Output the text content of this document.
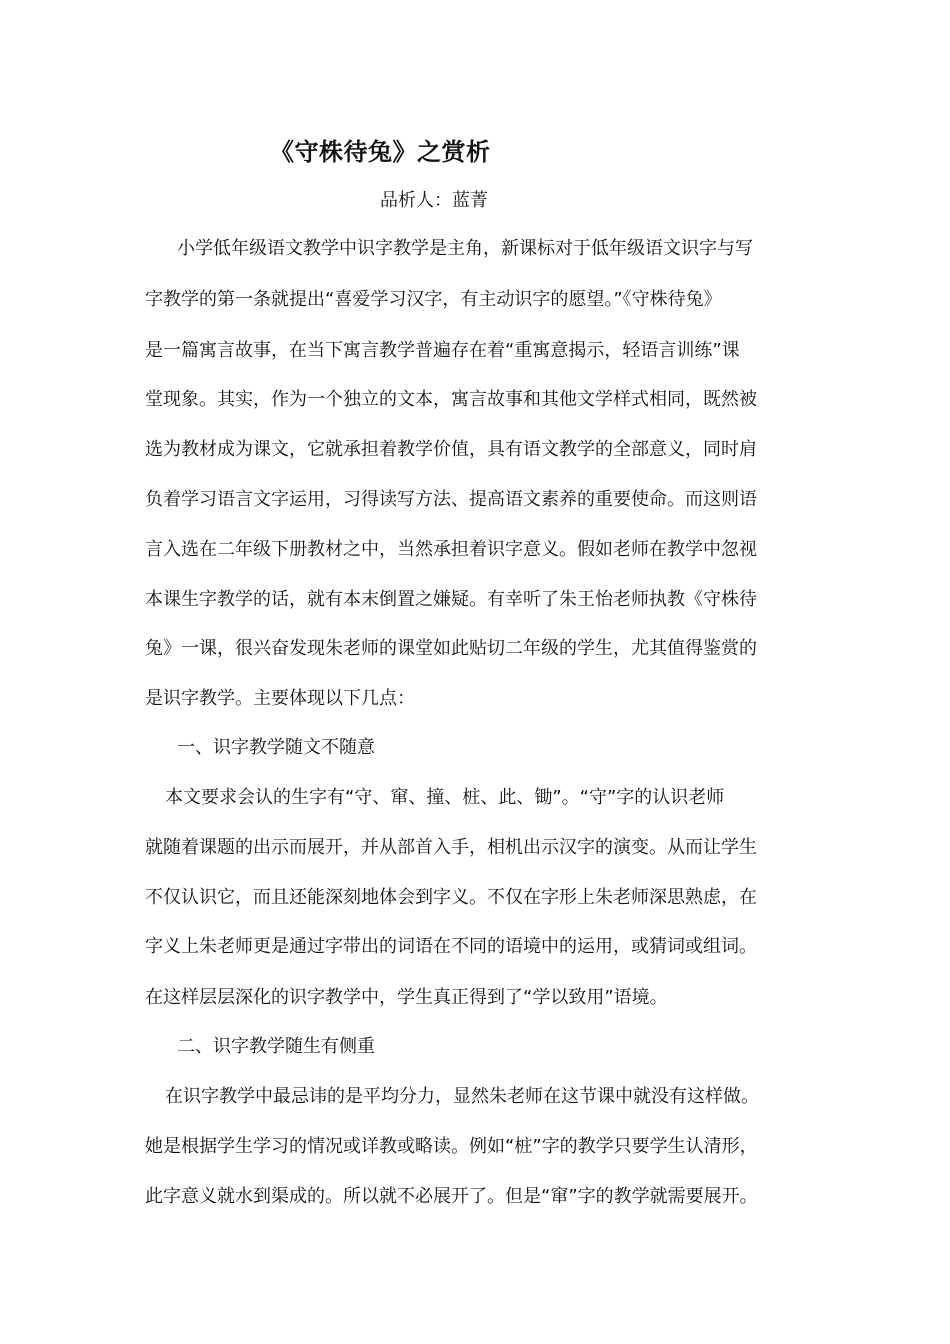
《守株待兔》之赏析
品析人：蓝菁
小学低年级语文教学中识字教学是主角，新课标对于低年级语文识字与写
字教学的第一条就提出“喜爱学习汉字，有主动识字的愿望。”《守株待兔》
是一篇寓言故事，在当下寓言教学普遍存在着“重寓意揭示，轻语言训练”课
堂现象。其实，作为一个独立的文本，寓言故事和其他文学样式相同，既然被
选为教材成为课文，它就承担着教学价值，具有语文教学的全部意义，同时肩
负着学习语言文字运用，习得读写方法、提高语文素养的重要使命。而这则语
言入选在二年级下册教材之中，当然承担着识字意义。假如老师在教学中忽视
本课生字教学的话，就有本末倒置之嫌疑。有幸听了朱王怡老师执教《守株待
兔》一课，很兴奋发现朱老师的课堂如此贴切二年级的学生，尤其值得鉴赏的
是识字教学。主要体现以下几点：
一、识字教学随文不随意
本文要求会认的生字有“守、窜、撞、桩、此、锄”。“守”字的认识老师
就随着课题的出示而展开，并从部首入手，相机出示汉字的演变。从而让学生
不仅认识它，而且还能深刻地体会到字义。不仅在字形上朱老师深思熟虑，在
字义上朱老师更是通过字带出的词语在不同的语境中的运用，或猜词或组词。
在这样层层深化的识字教学中，学生真正得到了“学以致用”语境。
二、识字教学随生有侧重
在识字教学中最忌讳的是平均分力，显然朱老师在这节课中就没有这样做。
她是根据学生学习的情况或详教或略读。例如“桩”字的教学只要学生认清形，
此字意义就水到渠成的。所以就不必展开了。但是“窜”字的教学就需要展开。
